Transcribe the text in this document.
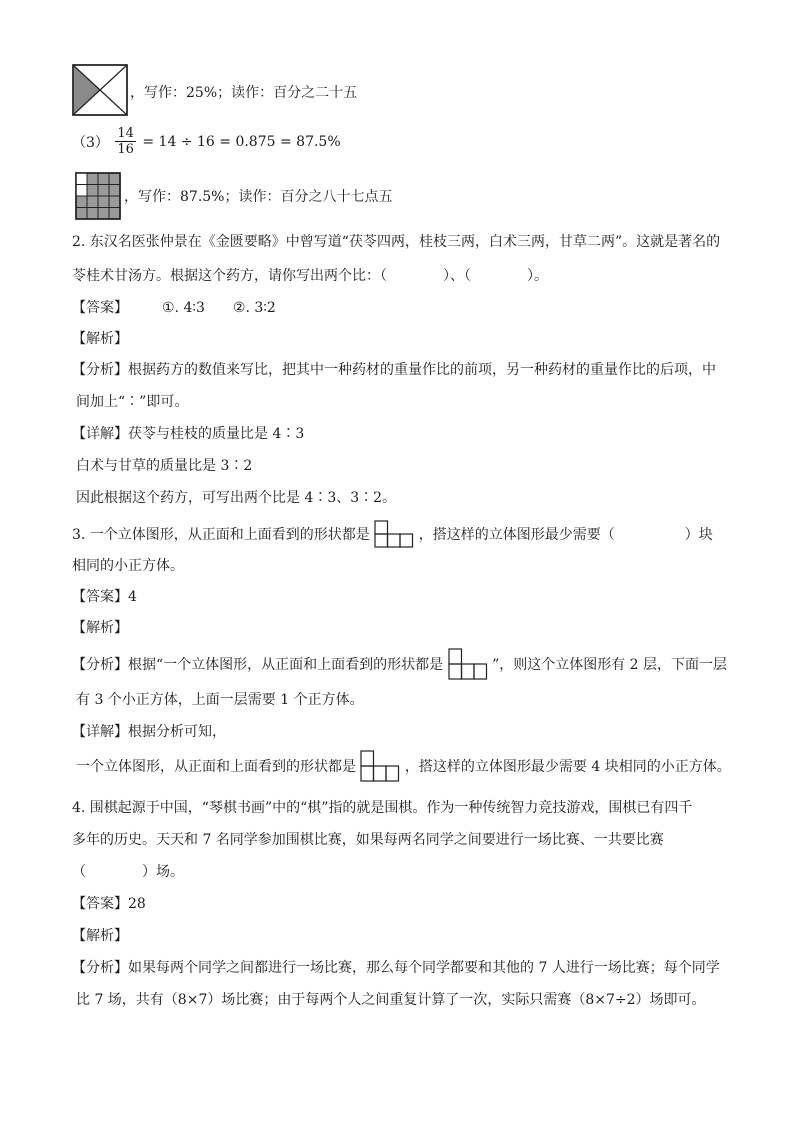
，写作：25%；读作：百分之二十五
$(3) \frac{14}{16} = 14 \div 16 = 0.875 = 87.5\%$
，写作：87.5%；读作：百分之八十七点五
2. 东汉名医张仲景在《金匮要略》中曾写道“茯苓四两，桂枝三两，白术三两，甘草二两”。这就是著名的
苓桂术甘汤方。根据这个药方，请你写出两个比：（　　　　）、（　　　　）。
【答案】 ①. 4∶3　　②. 3∶2
【解析】
【分析】根据药方的数值来写比，把其中一种药材的重量作比的前项，另一种药材的重量作比的后项，中
间加上“∶”即可。
【详解】茯苓与桂枝的质量比是 4∶3
白术与甘草的质量比是 3∶2
因此根据这个药方，可写出两个比是 4∶3、3∶2。
3. 一个立体图形，从正面和上面看到的形状都是	，搭这样的立体图形最少需要（　　　　　）块
相同的小正方体。
【答案】4
【解析】
【分析】根据“一个立体图形，从正面和上面看到的形状都是	”，则这个立体图形有 2 层，下面一层
有 3 个小正方体，上面一层需要 1 个正方体。
【详解】根据分析可知，
一个立体图形，从正面和上面看到的形状都是	，搭这样的立体图形最少需要 4 块相同的小正方体。
4. 围棋起源于中国，“琴棋书画”中的“棋”指的就是围棋。作为一种传统智力竞技游戏，围棋已有四千
多年的历史。天天和 7 名同学参加围棋比赛，如果每两名同学之间要进行一场比赛、一共要比赛
（　　　　）场。
【答案】28
【解析】
【分析】如果每两个同学之间都进行一场比赛，那么每个同学都要和其他的 7 人进行一场比赛；每个同学
比 7 场，共有（8×7）场比赛；由于每两个人之间重复计算了一次，实际只需赛（8×7÷2）场即可。
